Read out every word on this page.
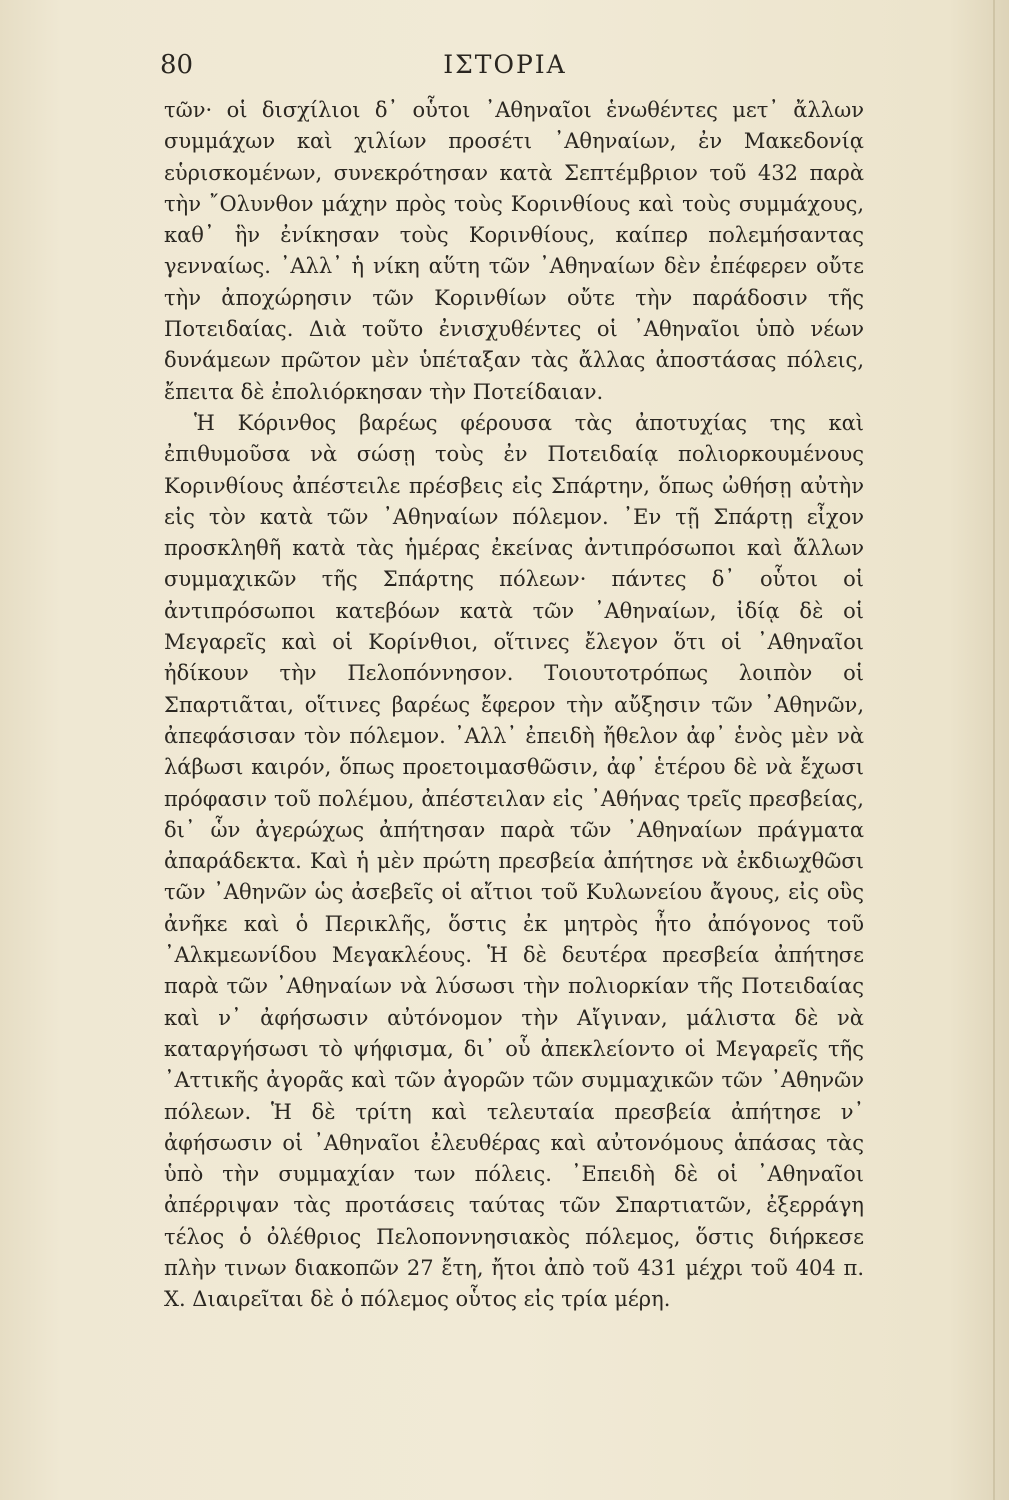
80	ΙΣΤΟΡΙΑ

τῶν· οἱ δισχίλιοι δ᾿ οὗτοι ᾿Αθηναῖοι ἑνωθέντες μετ᾿ ἄλλων συμμάχων καὶ χιλίων προσέτι ᾿Αθηναίων, ἐν Μακεδονίᾳ εὑρισκομένων, συνεκρότησαν κατὰ Σεπτέμβριον τοῦ 432 παρὰ τὴν ῎Ολυνθον μάχην πρὸς τοὺς Κορινθίους καὶ τοὺς συμμάχους, καθ᾿ ἣν ἐνίκησαν τοὺς Κορινθίους, καίπερ πολεμήσαντας γενναίως. ᾿Αλλ᾿ ἡ νίκη αὕτη τῶν ᾿Αθηναίων δὲν ἐπέφερεν οὔτε τὴν ἀποχώρησιν τῶν Κορινθίων οὔτε τὴν παράδοσιν τῆς Ποτειδαίας. Διὰ τοῦτο ἐνισχυθέντες οἱ ᾿Αθηναῖοι ὑπὸ νέων δυνάμεων πρῶτον μὲν ὑπέταξαν τὰς ἄλλας ἀποστάσας πόλεις, ἔπειτα δὲ ἐπολιόρκησαν τὴν Ποτείδαιαν.

Ἡ Κόρινθος βαρέως φέρουσα τὰς ἀποτυχίας της καὶ ἐπιθυμοῦσα νὰ σώσῃ τοὺς ἐν Ποτειδαίᾳ πολιορκουμένους Κορινθίους ἀπέστειλε πρέσβεις εἰς Σπάρτην, ὅπως ὠθήσῃ αὐτὴν εἰς τὸν κατὰ τῶν ᾿Αθηναίων πόλεμον. ᾿Εν τῇ Σπάρτῃ εἶχον προσκληθῆ κατὰ τὰς ἡμέρας ἐκείνας ἀντιπρόσωποι καὶ ἄλλων συμμαχικῶν τῆς Σπάρτης πόλεων· πάντες δ᾿ οὗτοι οἱ ἀντιπρόσωποι κατεβόων κατὰ τῶν ᾿Αθηναίων, ἰδίᾳ δὲ οἱ Μεγαρεῖς καὶ οἱ Κορίνθιοι, οἵτινες ἔλεγον ὅτι οἱ ᾿Αθηναῖοι ἠδίκουν τὴν Πελοπόννησον. Τοιουτοτρόπως λοιπὸν οἱ Σπαρτιᾶται, οἵτινες βαρέως ἔφερον τὴν αὔξησιν τῶν ᾿Αθηνῶν, ἀπεφάσισαν τὸν πόλεμον. ᾿Αλλ᾿ ἐπειδὴ ἤθελον ἀφ᾿ ἑνὸς μὲν νὰ λάβωσι καιρόν, ὅπως προετοιμασθῶσιν, ἀφ᾿ ἑτέρου δὲ νὰ ἔχωσι πρόφασιν τοῦ πολέμου, ἀπέστειλαν εἰς ᾿Αθήνας τρεῖς πρεσβείας, δι᾿ ὧν ἀγερώχως ἀπήτησαν παρὰ τῶν ᾿Αθηναίων πράγματα ἀπαράδεκτα. Καὶ ἡ μὲν πρώτη πρεσβεία ἀπήτησε νὰ ἐκδιωχθῶσι τῶν ᾿Αθηνῶν ὡς ἀσεβεῖς οἱ αἴτιοι τοῦ Κυλωνείου ἄγους, εἰς οὓς ἀνῆκε καὶ ὁ Περικλῆς, ὅστις ἐκ μητρὸς ἦτο ἀπόγονος τοῦ ᾿Αλκμεωνίδου Μεγακλέους. Ἡ δὲ δευτέρα πρεσβεία ἀπήτησε παρὰ τῶν ᾿Αθηναίων νὰ λύσωσι τὴν πολιορκίαν τῆς Ποτειδαίας καὶ ν᾿ ἀφήσωσιν αὐτόνομον τὴν Αἴγιναν, μάλιστα δὲ νὰ καταργήσωσι τὸ ψήφισμα, δι᾿ οὗ ἀπεκλείοντο οἱ Μεγαρεῖς τῆς ᾿Αττικῆς ἀγορᾶς καὶ τῶν ἀγορῶν τῶν συμμαχικῶν τῶν ᾿Αθηνῶν πόλεων. Ἡ δὲ τρίτη καὶ τελευταία πρεσβεία ἀπήτησε ν᾿ ἀφήσωσιν οἱ ᾿Αθηναῖοι ἐλευθέρας καὶ αὐτονόμους ἁπάσας τὰς ὑπὸ τὴν συμμαχίαν των πόλεις. ᾿Επειδὴ δὲ οἱ ᾿Αθηναῖοι ἀπέρριψαν τὰς προτάσεις ταύτας τῶν Σπαρτιατῶν, ἐξερράγη τέλος ὁ ὀλέθριος Πελοποννησιακὸς πόλεμος, ὅστις διήρκεσε πλὴν τινων διακοπῶν 27 ἔτη, ἤτοι ἀπὸ τοῦ 431 μέχρι τοῦ 404 π. Χ. Διαιρεῖται δὲ ὁ πόλεμος οὗτος εἰς τρία μέρη.
